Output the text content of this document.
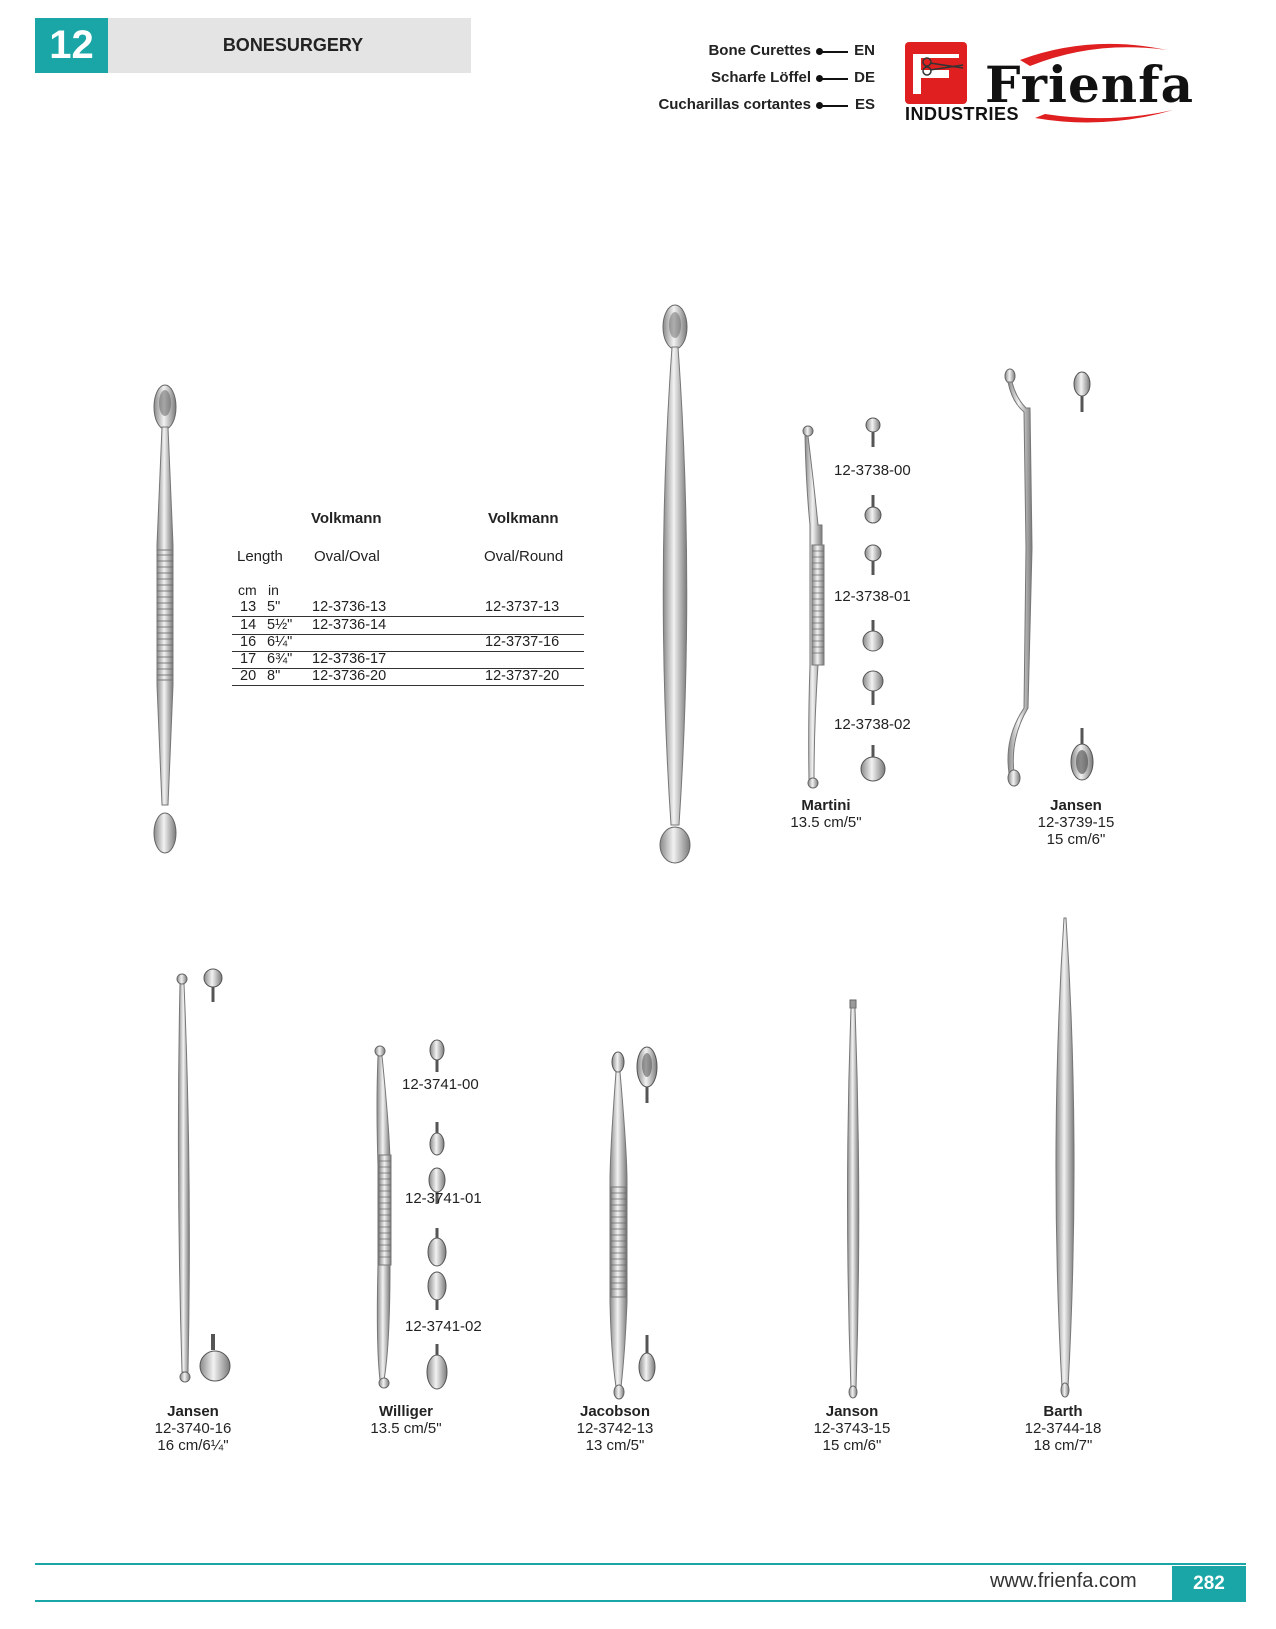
12	BONESURGERY	Bone Curettes	EN
Scharfe Löffel	DE
Cucharillas cortantes	ES Frienfa
INDUSTRIES
Volkmann	Volkmann
Length Oval/Oval	Oval/Round
cm in
13 5" 12-3736-13	12-3737-13
14 5½" 12-3736-14
16 6¼"	12-3737-16
17 6¾" 12-3736-17
20 8" 12-3736-20	12-3737-20
12-3738-00
12-3738-01
12-3738-02
Martini
13.5 cm/5"
Jansen
12-3739-15
15 cm/6"
Jansen
12-3740-16
16 cm/6¼"
12-3741-00
12-3741-01
12-3741-02
Williger
13.5 cm/5"
Jacobson
12-3742-13
13 cm/5"
Janson
12-3743-15
15 cm/6"
Barth
12-3744-18
18 cm/7"
www.frienfa.com	282
